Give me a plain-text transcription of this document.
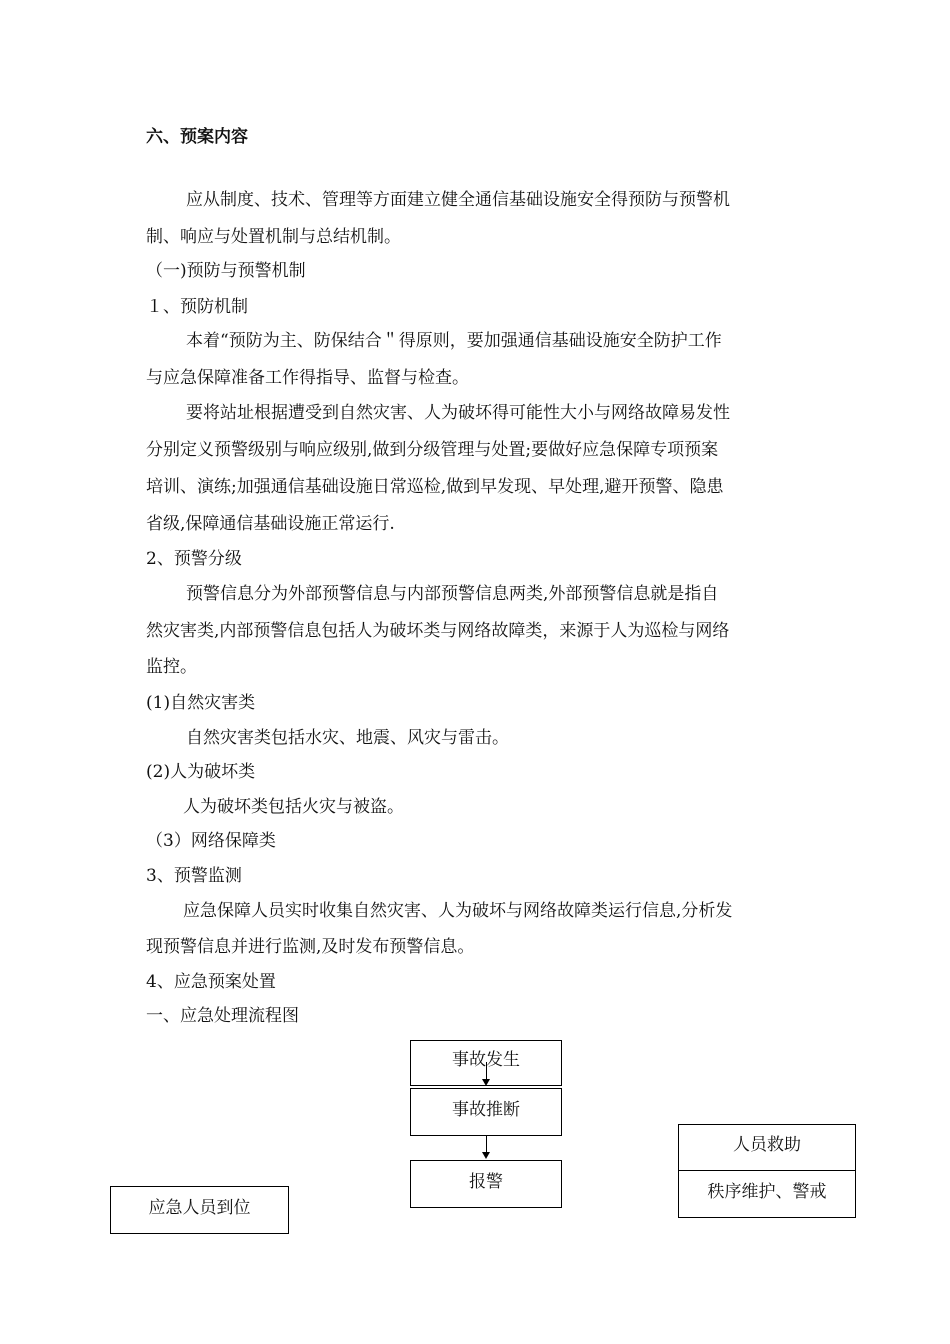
六、预案内容
应从制度、技术、管理等方面建立健全通信基础设施安全得预防与预警机
制、响应与处置机制与总结机制。
（一)预防与预警机制
１、预防机制
本着“预防为主、防保结合＂得原则，要加强通信基础设施安全防护工作
与应急保障准备工作得指导、监督与检查。
要将站址根据遭受到自然灾害、人为破坏得可能性大小与网络故障易发性
分别定义预警级别与响应级别,做到分级管理与处置;要做好应急保障专项预案
培训、演练;加强通信基础设施日常巡检,做到早发现、早处理,避开预警、隐患
省级,保障通信基础设施正常运行.
2、预警分级
预警信息分为外部预警信息与内部预警信息两类,外部预警信息就是指自
然灾害类,内部预警信息包括人为破坏类与网络故障类，来源于人为巡检与网络
监控。
(1)自然灾害类
自然灾害类包括水灾、地震、风灾与雷击。
(2)人为破坏类
人为破坏类包括火灾与被盗。
（3）网络保障类
3、预警监测
应急保障人员实时收集自然灾害、人为破坏与网络故障类运行信息,分析发
现预警信息并进行监测,及时发布预警信息。
4、应急预案处置
一、应急处理流程图
事故发生
事故推断
报警
应急人员到位
人员救助
秩序维护、警戒
